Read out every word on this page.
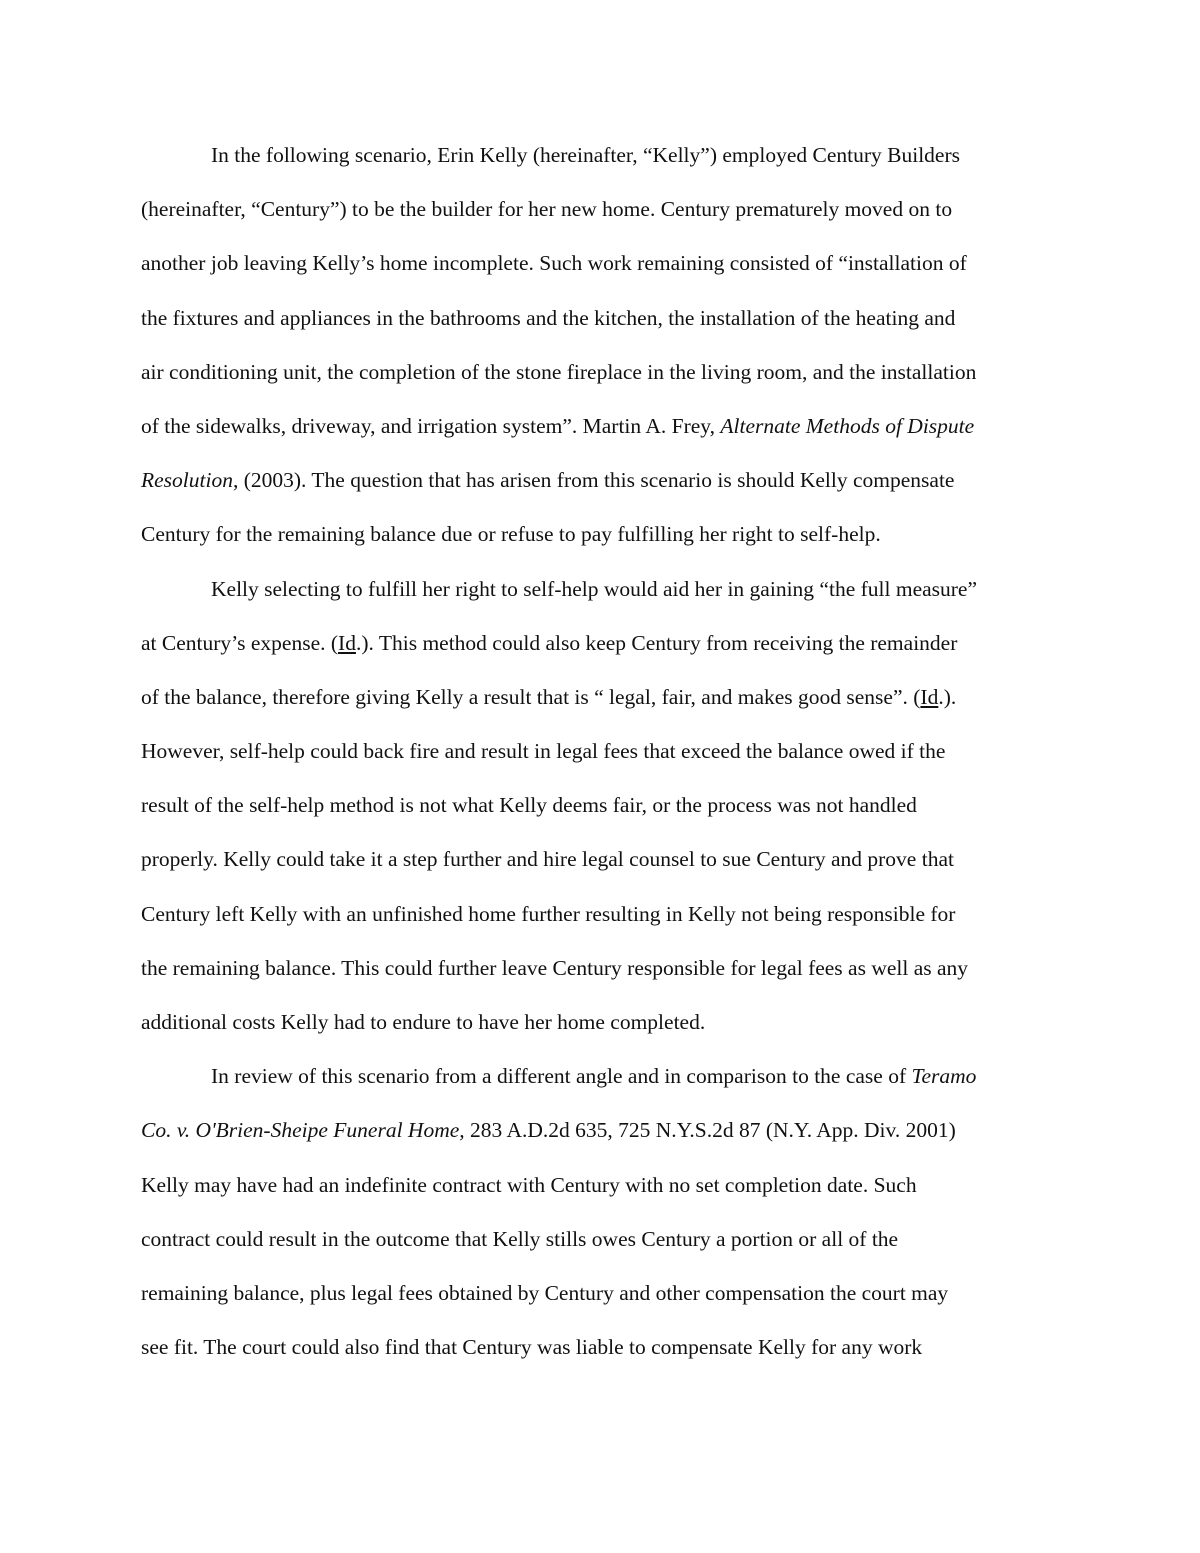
In the following scenario, Erin Kelly (hereinafter, “Kelly”) employed Century Builders
(hereinafter, “Century”) to be the builder for her new home. Century prematurely moved on to
another job leaving Kelly’s home incomplete. Such work remaining consisted of “installation of
the fixtures and appliances in the bathrooms and the kitchen, the installation of the heating and
air conditioning unit, the completion of the stone fireplace in the living room, and the installation
of the sidewalks, driveway, and irrigation system”. Martin A. Frey, Alternate Methods of Dispute
Resolution, (2003). The question that has arisen from this scenario is should Kelly compensate
Century for the remaining balance due or refuse to pay fulfilling her right to self-help.
Kelly selecting to fulfill her right to self-help would aid her in gaining “the full measure”
at Century’s expense. (Id.). This method could also keep Century from receiving the remainder
of the balance, therefore giving Kelly a result that is “ legal, fair, and makes good sense”. (Id.).
However, self-help could back fire and result in legal fees that exceed the balance owed if the
result of the self-help method is not what Kelly deems fair, or the process was not handled
properly. Kelly could take it a step further and hire legal counsel to sue Century and prove that
Century left Kelly with an unfinished home further resulting in Kelly not being responsible for
the remaining balance. This could further leave Century responsible for legal fees as well as any
additional costs Kelly had to endure to have her home completed.
In review of this scenario from a different angle and in comparison to the case of Teramo
Co. v. O'Brien-Sheipe Funeral Home, 283 A.D.2d 635, 725 N.Y.S.2d 87 (N.Y. App. Div. 2001)
Kelly may have had an indefinite contract with Century with no set completion date. Such
contract could result in the outcome that Kelly stills owes Century a portion or all of the
remaining balance, plus legal fees obtained by Century and other compensation the court may
see fit. The court could also find that Century was liable to compensate Kelly for any work
